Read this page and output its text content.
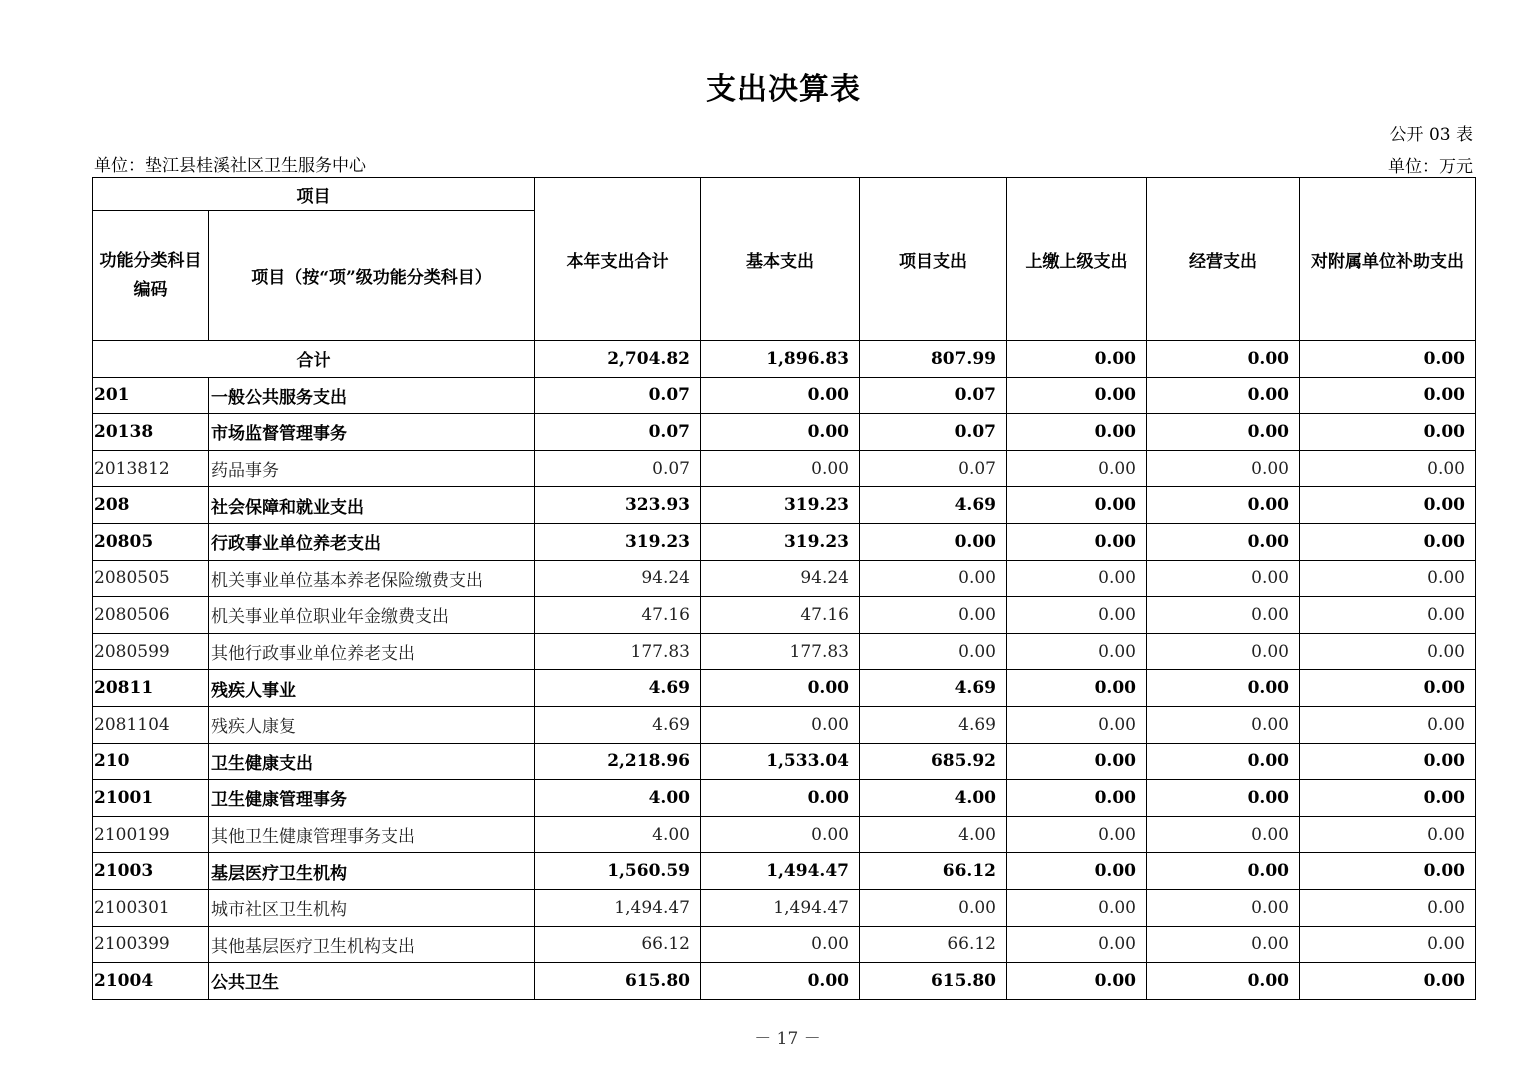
支出决算表
公开 03 表
单位：垫江县桂溪社区卫生服务中心	单位：万元
项目		本年支出合计	基本支出	项目支出	上缴上级支出	经营支出	对附属单位补助支出
功能分类科目编码	项目（按“项”级功能分类科目）						
合计		2,704.82	1,896.83	807.99	0.00	0.00	0.00
201	一般公共服务支出	0.07	0.00	0.07	0.00	0.00	0.00
20138	市场监督管理事务	0.07	0.00	0.07	0.00	0.00	0.00
2013812	药品事务	0.07	0.00	0.07	0.00	0.00	0.00
208	社会保障和就业支出	323.93	319.23	4.69	0.00	0.00	0.00
20805	行政事业单位养老支出	319.23	319.23	0.00	0.00	0.00	0.00
2080505	机关事业单位基本养老保险缴费支出	94.24	94.24	0.00	0.00	0.00	0.00
2080506	机关事业单位职业年金缴费支出	47.16	47.16	0.00	0.00	0.00	0.00
2080599	其他行政事业单位养老支出	177.83	177.83	0.00	0.00	0.00	0.00
20811	残疾人事业	4.69	0.00	4.69	0.00	0.00	0.00
2081104	残疾人康复	4.69	0.00	4.69	0.00	0.00	0.00
210	卫生健康支出	2,218.96	1,533.04	685.92	0.00	0.00	0.00
21001	卫生健康管理事务	4.00	0.00	4.00	0.00	0.00	0.00
2100199	其他卫生健康管理事务支出	4.00	0.00	4.00	0.00	0.00	0.00
21003	基层医疗卫生机构	1,560.59	1,494.47	66.12	0.00	0.00	0.00
2100301	城市社区卫生机构	1,494.47	1,494.47	0.00	0.00	0.00	0.00
2100399	其他基层医疗卫生机构支出	66.12	0.00	66.12	0.00	0.00	0.00
21004	公共卫生	615.80	0.00	615.80	0.00	0.00	0.00
－ 17 －
